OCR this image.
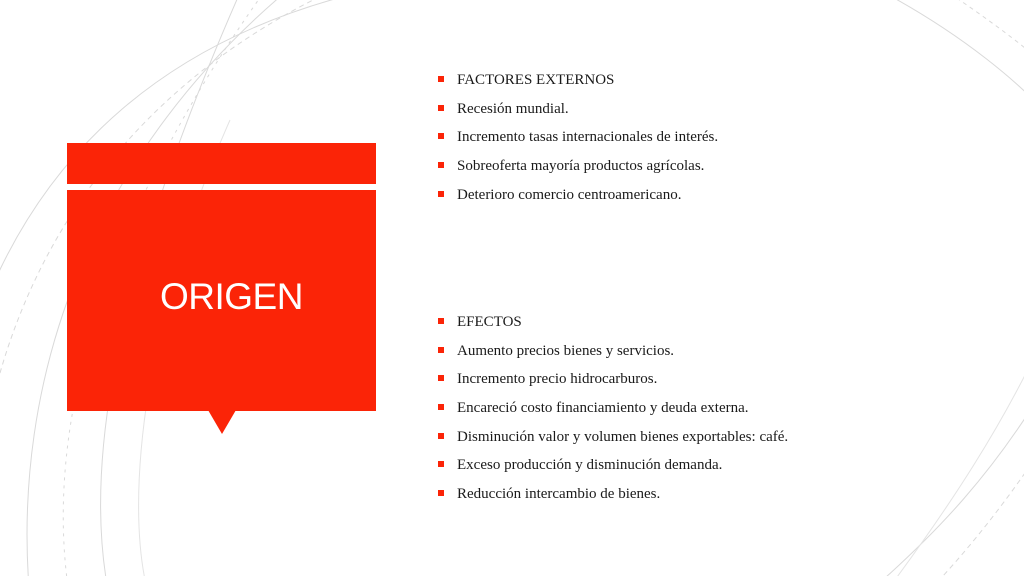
ORIGEN
FACTORES EXTERNOS
Recesión mundial.
Incremento tasas internacionales de interés.
Sobreoferta mayoría productos agrícolas.
Deterioro comercio centroamericano.
EFECTOS
Aumento precios bienes y servicios.
Incremento precio hidrocarburos.
Encareció costo financiamiento y deuda externa.
Disminución valor y volumen bienes exportables: café.
Exceso producción y disminución demanda.
Reducción intercambio de bienes.
